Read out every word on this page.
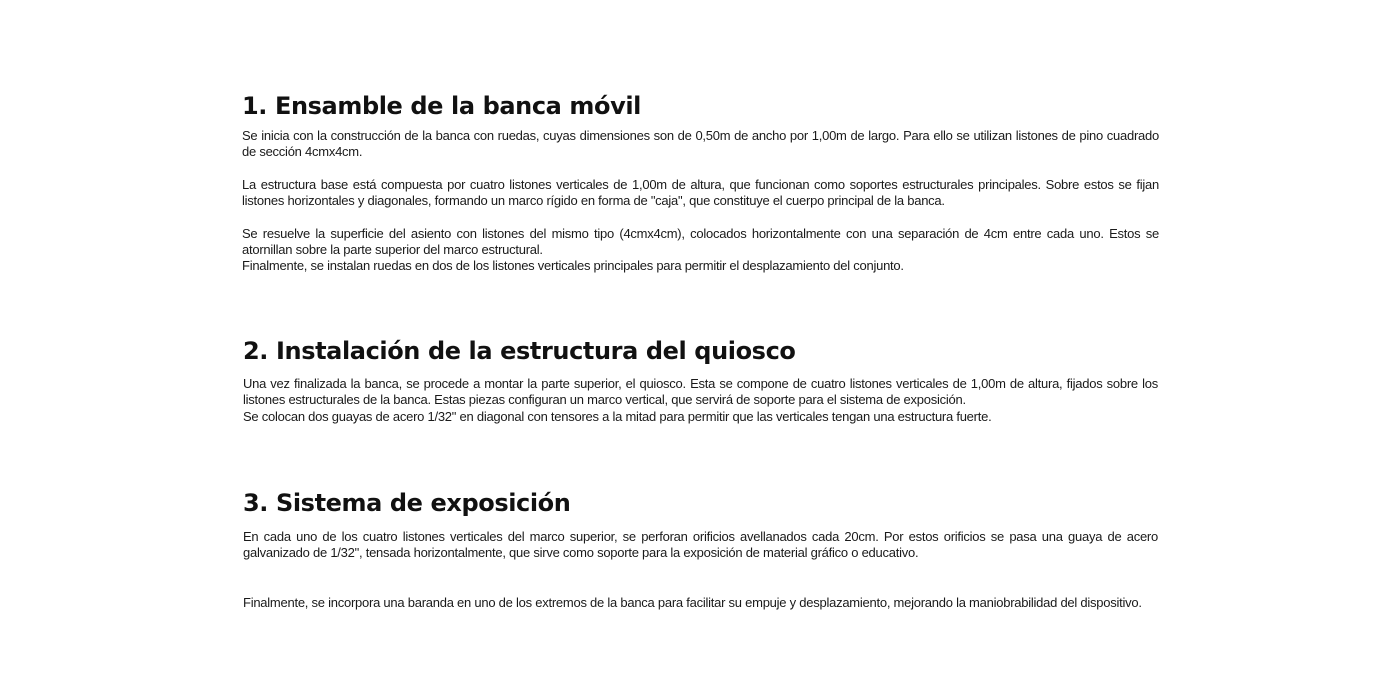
1. Ensamble de la banca móvil

Se inicia con la construcción de la banca con ruedas, cuyas dimensiones son de 0,50m de ancho por 1,00m de largo. Para ello se utilizan listones de pino cuadrado de sección 4cmx4cm.

La estructura base está compuesta por cuatro listones verticales de 1,00m de altura, que funcionan como soportes estructurales principales. Sobre estos se fijan listones horizontales y diagonales, formando un marco rígido en forma de "caja", que constituye el cuerpo principal de la banca.

Se resuelve la superficie del asiento con listones del mismo tipo (4cmx4cm), colocados horizontalmente con una separación de 4cm entre cada uno. Estos se atornillan sobre la parte superior del marco estructural.

Finalmente, se instalan ruedas en dos de los listones verticales principales para permitir el desplazamiento del conjunto.

2. Instalación de la estructura del quiosco

Una vez finalizada la banca, se procede a montar la parte superior, el quiosco. Esta se compone de cuatro listones verticales de 1,00m de altura, fijados sobre los listones estructurales de la banca. Estas piezas configuran un marco vertical, que servirá de soporte para el sistema de exposición.

Se colocan dos guayas de acero 1/32" en diagonal con tensores a la mitad para permitir que las verticales tengan una estructura fuerte.

3. Sistema de exposición

En cada uno de los cuatro listones verticales del marco superior, se perforan orificios avellanados cada 20cm. Por estos orificios se pasa una guaya de acero galvanizado de 1/32", tensada horizontalmente, que sirve como soporte para la exposición de material gráfico o educativo.

Finalmente, se incorpora una baranda en uno de los extremos de la banca para facilitar su empuje y desplazamiento, mejorando la maniobrabilidad del dispositivo.
